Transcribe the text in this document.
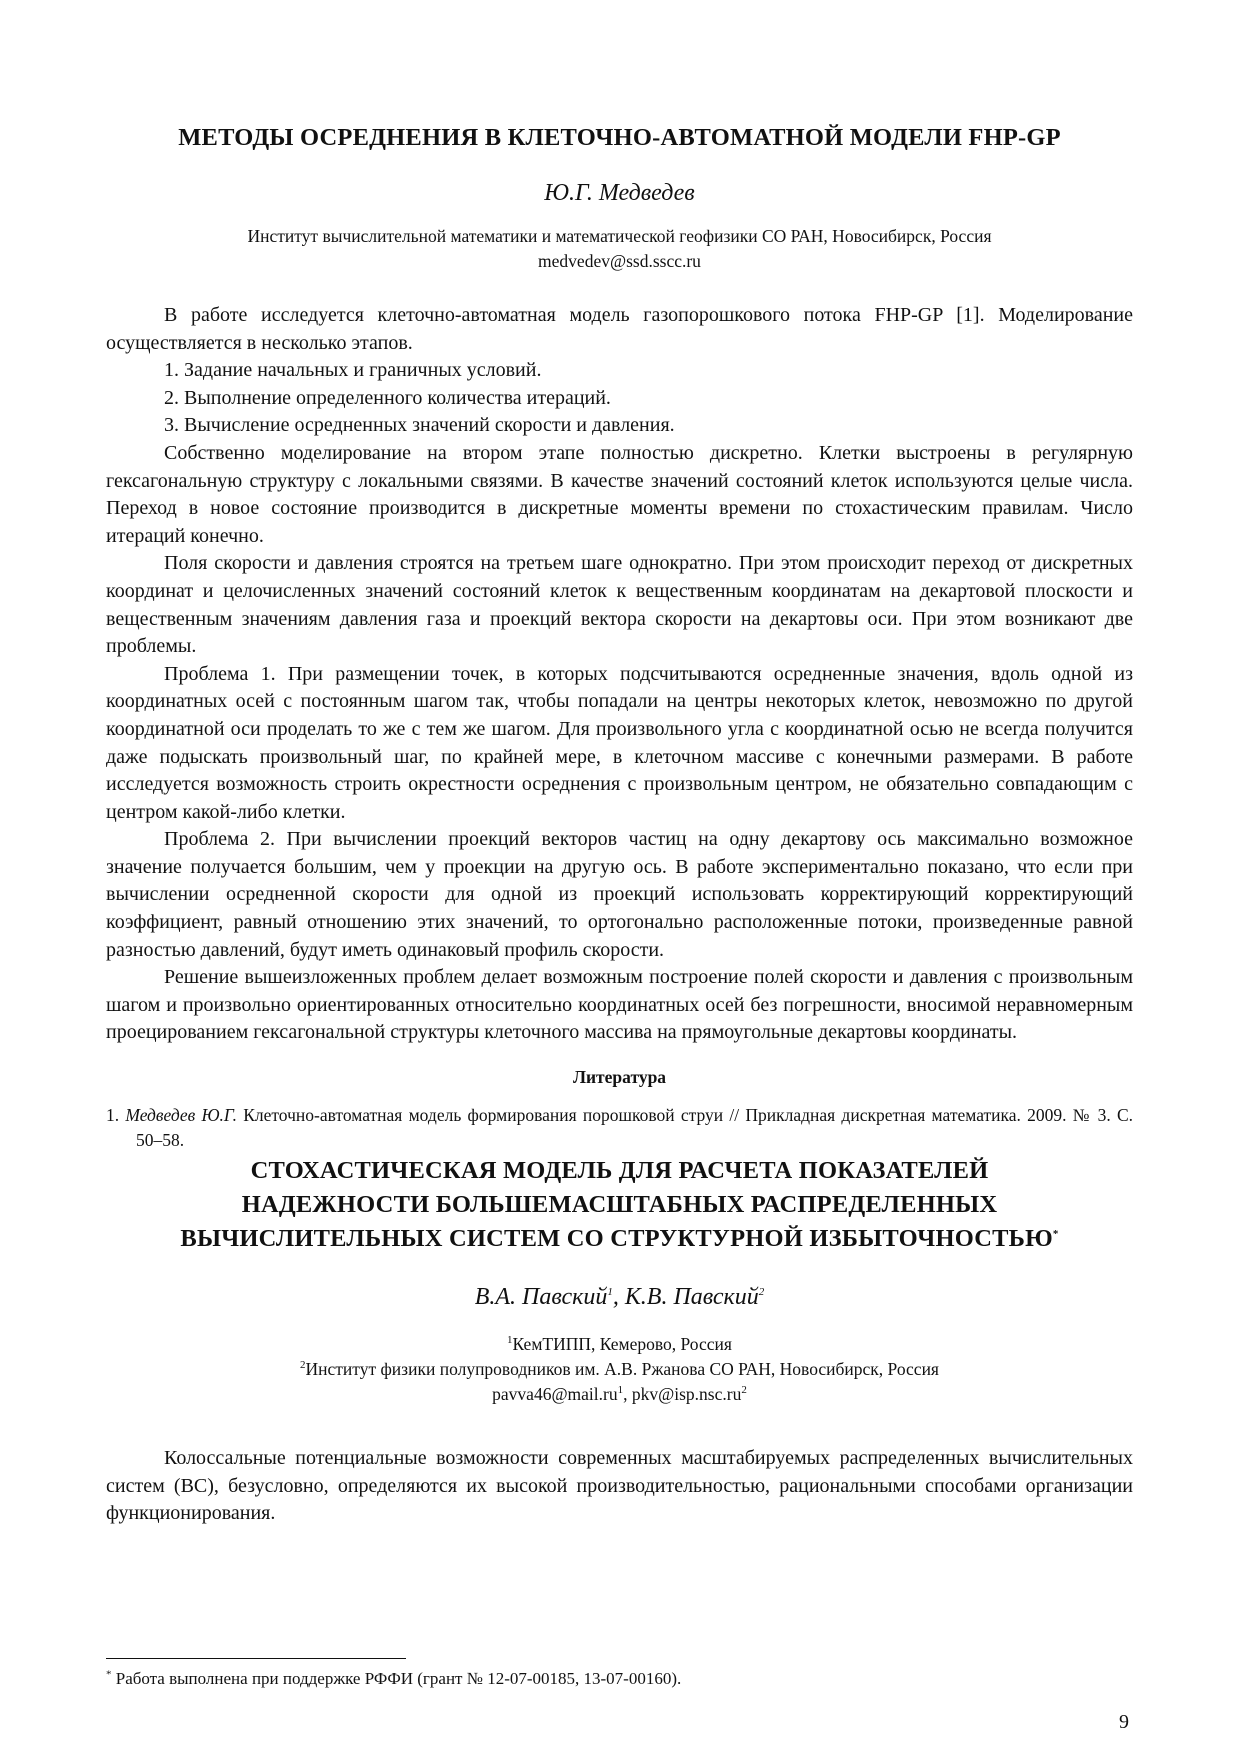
МЕТОДЫ ОСРЕДНЕНИЯ В КЛЕТОЧНО-АВТОМАТНОЙ МОДЕЛИ FHP-GP

Ю.Г. Медведев

Институт вычислительной математики и математической геофизики СО РАН, Новосибирск, Россия

medvedev@ssd.sscc.ru

В работе исследуется клеточно-автоматная модель газопорошкового потока FHP-GP [1]. Моделирование осуществляется в несколько этапов.

1. Задание начальных и граничных условий.

2. Выполнение определенного количества итераций.

3. Вычисление осредненных значений скорости и давления.

Собственно моделирование на втором этапе полностью дискретно. Клетки выстроены в регулярную гексагональную структуру с локальными связями. В качестве значений состояний клеток используются целые числа. Переход в новое состояние производится в дискретные моменты времени по стохастическим правилам. Число итераций конечно.

Поля скорости и давления строятся на третьем шаге однократно. При этом происходит переход от дискретных координат и целочисленных значений состояний клеток к вещественным координатам на декартовой плоскости и вещественным значениям давления газа и проекций вектора скорости на декартовы оси. При этом возникают две проблемы.

Проблема 1. При размещении точек, в которых подсчитываются осредненные значения, вдоль одной из координатных осей с постоянным шагом так, чтобы попадали на центры некоторых клеток, невозможно по другой координатной оси проделать то же с тем же шагом. Для произвольного угла с координатной осью не всегда получится даже подыскать произвольный шаг, по крайней мере, в клеточном массиве с конечными размерами. В работе исследуется возможность строить окрестности осреднения с произвольным центром, не обязательно совпадающим с центром какой-либо клетки.

Проблема 2. При вычислении проекций векторов частиц на одну декартову ось максимально возможное значение получается большим, чем у проекции на другую ось. В работе экспериментально показано, что если при вычислении осредненной скорости для одной из проекций использовать корректирующий корректирующий коэффициент, равный отношению этих значений, то ортогонально расположенные потоки, произведенные равной разностью давлений, будут иметь одинаковый профиль скорости.

Решение вышеизложенных проблем делает возможным построение полей скорости и давления с произвольным шагом и произвольно ориентированных относительно координатных осей без погрешности, вносимой неравномерным проецированием гексагональной структуры клеточного массива на прямоугольные декартовы координаты.

Литература

1. Медведев Ю.Г. Клеточно-автоматная модель формирования порошковой струи // Прикладная дискретная математика. 2009. № 3. С. 50–58.

СТОХАСТИЧЕСКАЯ МОДЕЛЬ ДЛЯ РАСЧЕТА ПОКАЗАТЕЛЕЙ
НАДЕЖНОСТИ БОЛЬШЕМАСШТАБНЫХ РАСПРЕДЕЛЕННЫХ
ВЫЧИСЛИТЕЛЬНЫХ СИСТЕМ СО СТРУКТУРНОЙ ИЗБЫТОЧНОСТЬЮ*

В.А. Павский$^1$, К.В. Павский$^2$

$^1$КемТИПП, Кемерово, Россия

$^2$Институт физики полупроводников им. А.В. Ржанова СО РАН, Новосибирск, Россия

$pavva46@mail.ru^1$, $pkv@isp.nsc.ru^2$

Колоссальные потенциальные возможности современных масштабируемых распределенных вычислительных систем (ВС), безусловно, определяются их высокой производительностью, рациональными способами организации функционирования.

* Работа выполнена при поддержке РФФИ (грант № 12-07-00185, 13-07-00160).
9
